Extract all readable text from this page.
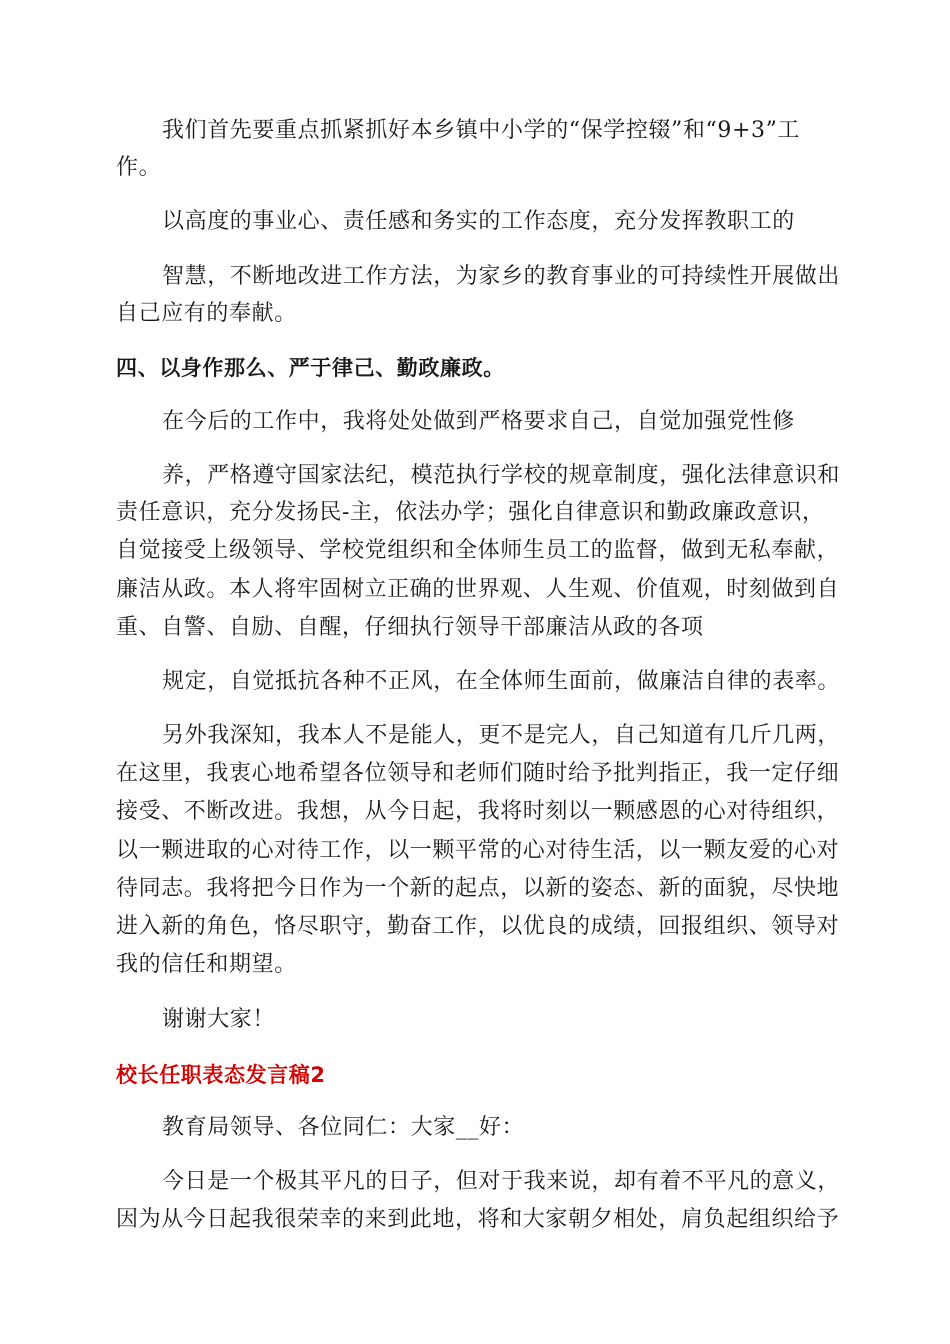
我们首先要重点抓紧抓好本乡镇中小学的“保学控辍”和“9+3”工
作。
以高度的事业心、责任感和务实的工作态度，充分发挥教职工的
智慧，不断地改进工作方法，为家乡的教育事业的可持续性开展做出
自己应有的奉献。
四、以身作那么、严于律己、勤政廉政。
在今后的工作中，我将处处做到严格要求自己，自觉加强党性修
养，严格遵守国家法纪，模范执行学校的规章制度，强化法律意识和
责任意识，充分发扬民-主，依法办学；强化自律意识和勤政廉政意识，
自觉接受上级领导、学校党组织和全体师生员工的监督，做到无私奉献，
廉洁从政。本人将牢固树立正确的世界观、人生观、价值观，时刻做到自
重、自警、自励、自醒，仔细执行领导干部廉洁从政的各项
规定，自觉抵抗各种不正风，在全体师生面前，做廉洁自律的表率。
另外我深知，我本人不是能人，更不是完人，自己知道有几斤几两，
在这里，我衷心地希望各位领导和老师们随时给予批判指正，我一定仔细
接受、不断改进。我想，从今日起，我将时刻以一颗感恩的心对待组织，
以一颗进取的心对待工作，以一颗平常的心对待生活，以一颗友爱的心对
待同志。我将把今日作为一个新的起点，以新的姿态、新的面貌，尽快地
进入新的角色，恪尽职守，勤奋工作，以优良的成绩，回报组织、领导对
我的信任和期望。
谢谢大家！
校长任职表态发言稿2
教育局领导、各位同仁：大家__好：
今日是一个极其平凡的日子，但对于我来说，却有着不平凡的意义，
因为从今日起我很荣幸的来到此地，将和大家朝夕相处，肩负起组织给予
